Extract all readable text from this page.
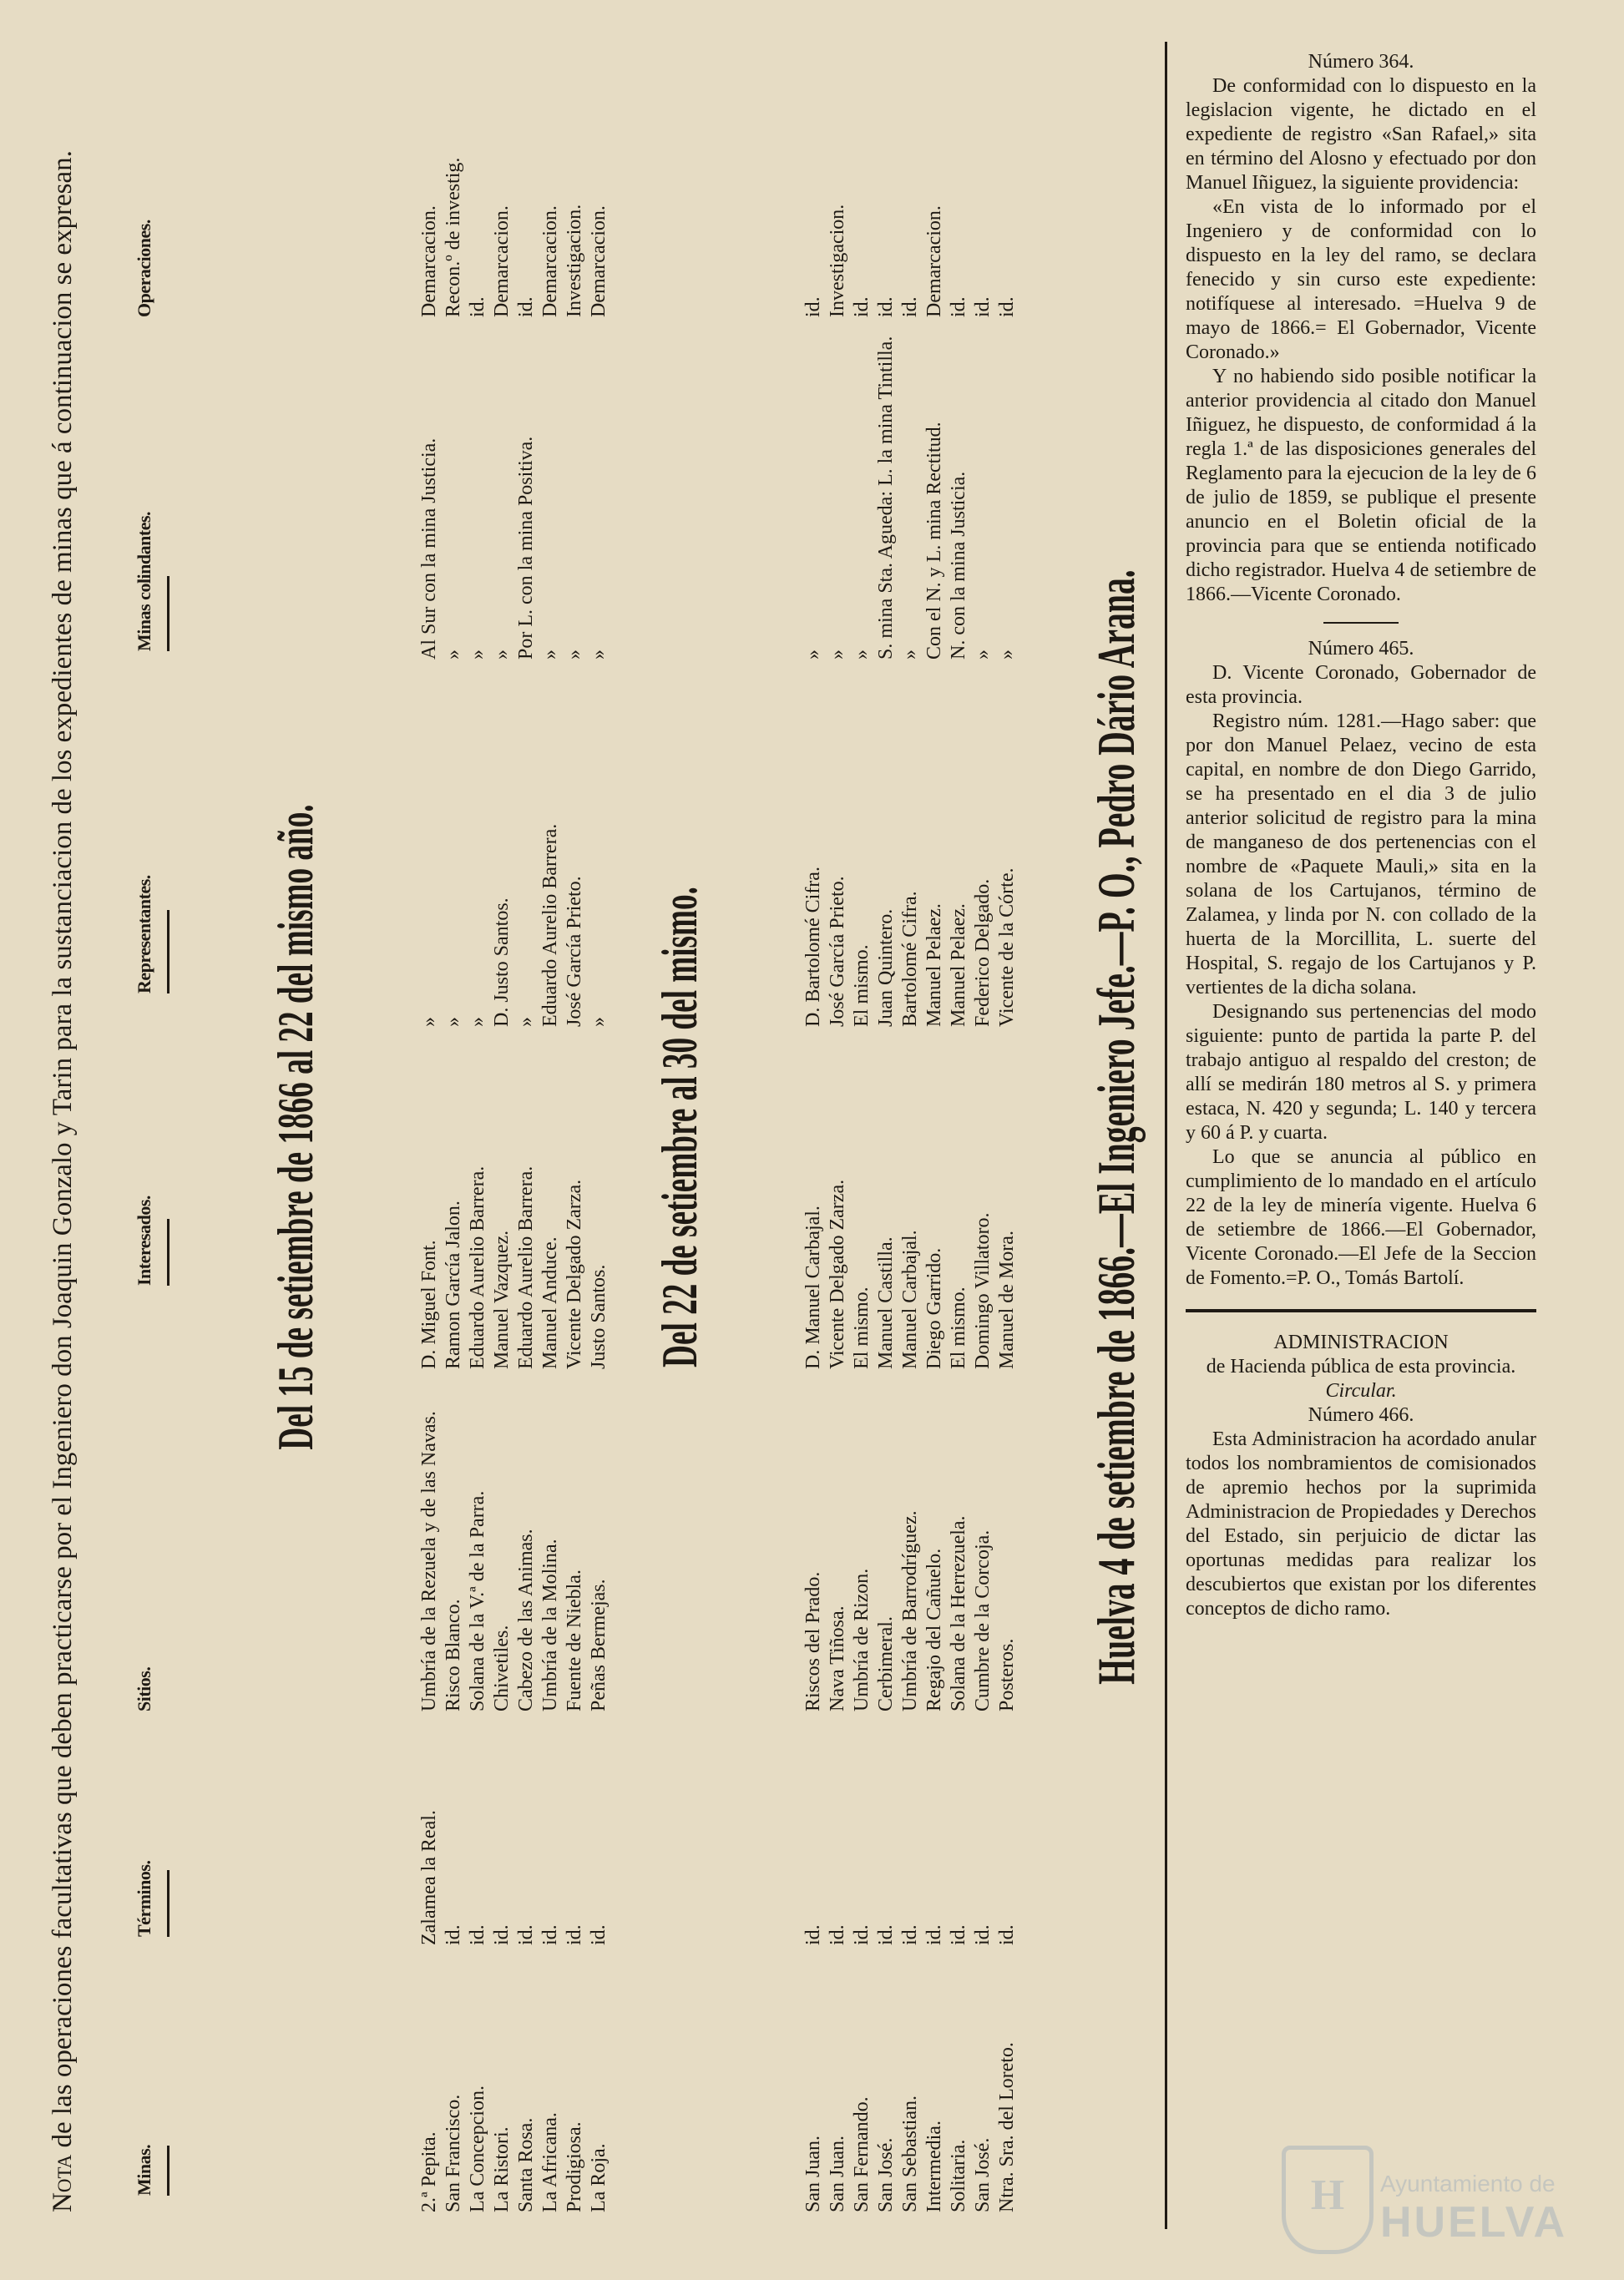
Nota de las operaciones facultativas que deben practicarse por el Ingeniero don Joaquin Gonzalo y Tarin para la sustanciacion de los expedientes de minas que á continuacion se expresan.
Minas.
Términos.
Sitios.
Interesados.
Representantes.
Minas colindantes.
Operaciones.
Del 15 de setiembre de 1866 al 22 del mismo año.
2.ª Pepita.
Zalamea la Real.
Umbría de la Rezuela y de las Navas.
D. Miguel Font.
»
Al Sur con la mina Justicia.
Demarcacion.
San Francisco.
id.
Risco Blanco.
Ramon García Jalon.
»
»
Recon.º de investig.
La Concepcion.
id.
Solana de la V.ª de la Parra.
Eduardo Aurelio Barrera.
»
»
id.
La Ristori.
id.
Chivetiles.
Manuel Vazquez.
D. Justo Santos.
»
Demarcacion.
Santa Rosa.
id.
Cabezo de las Animas.
Eduardo Aurelio Barrera.
»
Por L. con la mina Positiva.
id.
La Africana.
id.
Umbría de la Molina.
Manuel Anduce.
Eduardo Aurelio Barrera.
»
Demarcacion.
Prodigiosa.
id.
Fuente de Niebla.
Vicente Delgado Zarza.
José García Prieto.
»
Investigacion.
La Roja.
id.
Peñas Bermejas.
Justo Santos.
»
»
Demarcacion.
Del 22 de setiembre al 30 del mismo.
San Juan.
id.
Riscos del Prado.
D. Manuel Carbajal.
D. Bartolomé Cifra.
»
id.
San Juan.
id.
Nava Tiñosa.
Vicente Delgado Zarza.
José García Prieto.
»
Investigacion.
San Fernando.
id.
Umbría de Rizon.
El mismo.
El mismo.
»
id.
San José.
id.
Cerbimeral.
Manuel Castilla.
Juan Quintero.
S. mina Sta. Agueda: L. la mina Tintilla.
id.
San Sebastian.
id.
Umbría de Barrodríguez.
Manuel Carbajal.
Bartolomé Cifra.
»
id.
Intermedia.
id.
Regajo del Cañuelo.
Diego Garrido.
Manuel Pelaez.
Con el N. y L. mina Rectitud.
Demarcacion.
Solitaria.
id.
Solana de la Herrezuela.
El mismo.
Manuel Pelaez.
N. con la mina Justicia.
id.
San José.
id.
Cumbre de la Corcoja.
Domingo Villatoro.
Federico Delgado.
»
id.
Ntra. Sra. del Loreto.
id.
Posteros.
Manuel de Mora.
Vicente de la Córte.
»
id.
Huelva 4 de setiembre de 1866.—El Ingeniero Jefe.—P. O., Pedro Dário Arana.

Número 364.

De conformidad con lo dispuesto en la legislacion vigente, he dictado en el expediente de registro «San Rafael,» sita en término del Alosno y efectuado por don Manuel Iñiguez, la siguiente providencia:

«En vista de lo informado por el Ingeniero y de conformidad con lo dispuesto en la ley del ramo, se declara fenecido y sin curso este expediente: notifíquese al interesado. =Huelva 9 de mayo de 1866.= El Gobernador, Vicente Coronado.»

Y no habiendo sido posible notificar la anterior providencia al citado don Manuel Iñiguez, he dispuesto, de conformidad á la regla 1.ª de las disposiciones generales del Reglamento para la ejecucion de la ley de 6 de julio de 1859, se publique el presente anuncio en el Boletin oficial de la provincia para que se entienda notificado dicho registrador. Huelva 4 de setiembre de 1866.—Vicente Coronado.

Número 465.

D. Vicente Coronado, Gobernador de esta provincia.

Registro núm. 1281.—Hago saber: que por don Manuel Pelaez, vecino de esta capital, en nombre de don Diego Garrido, se ha presentado en el dia 3 de julio anterior solicitud de registro para la mina de manganeso de dos pertenencias con el nombre de «Paquete Mauli,» sita en la solana de los Cartujanos, término de Zalamea, y linda por N. con collado de la huerta de la Morcillita, L. suerte del Hospital, S. regajo de los Cartujanos y P. vertientes de la dicha solana.

Designando sus pertenencias del modo siguiente: punto de partida la parte P. del trabajo antiguo al respaldo del creston; de allí se medirán 180 metros al S. y primera estaca, N. 420 y segunda; L. 140 y tercera y 60 á P. y cuarta.

Lo que se anuncia al público en cumplimiento de lo mandado en el artículo 22 de la ley de minería vigente. Huelva 6 de setiembre de 1866.—El Gobernador, Vicente Coronado.—El Jefe de la Seccion de Fomento.=P. O., Tomás Bartolí.

ADMINISTRACION

de Hacienda pública de esta provincia.

Circular.

Número 466.

Esta Administracion ha acordado anular todos los nombramientos de comisionados de apremio hechos por la suprimida Administracion de Propiedades y Derechos del Estado, sin perjuicio de dictar las oportunas medidas para realizar los descubiertos que existan por los diferentes conceptos de dicho ramo.

H	Ayuntamiento de
HUELVA
